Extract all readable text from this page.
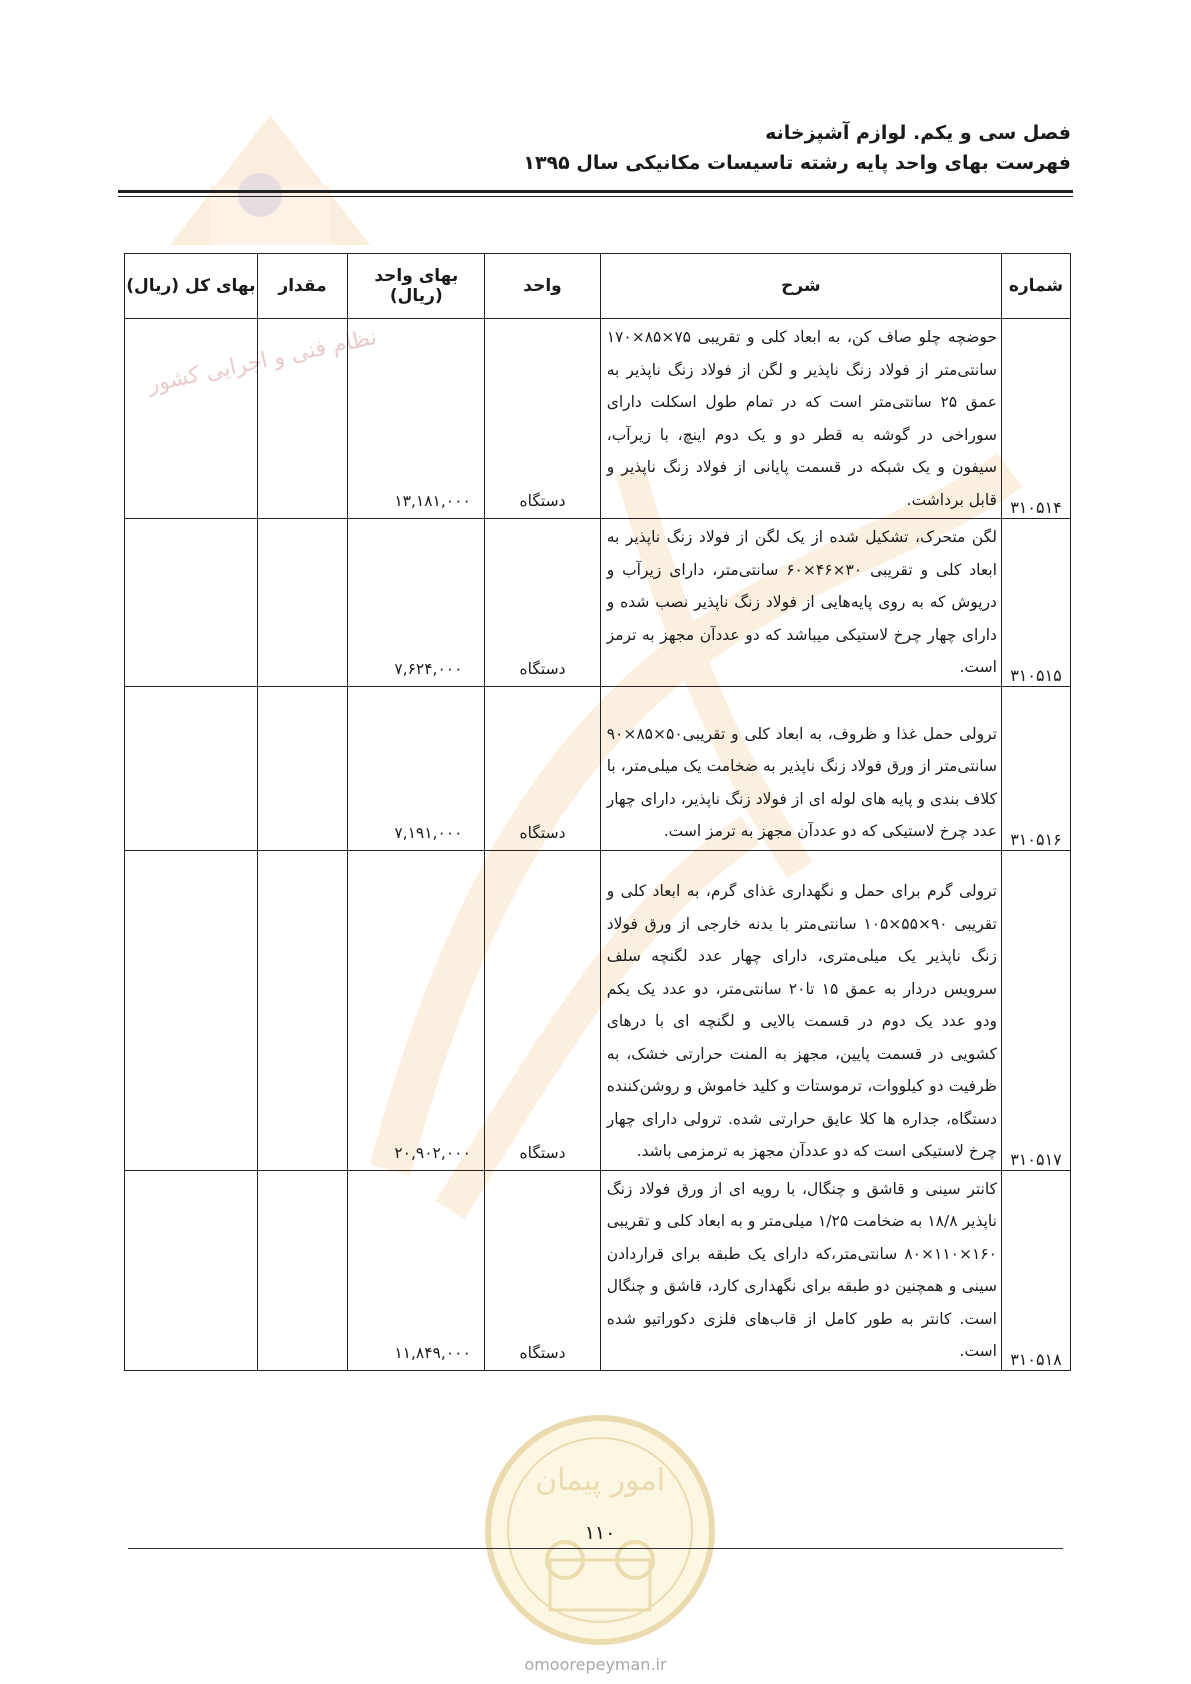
نظام فنی و اجرایی کشور
فصل سی و یکم. لوازم آشپزخانه
فهرست بهای واحد پایه رشته تاسیسات مکانیکی سال ۱۳۹۵
شماره	شرح	واحد	بهای واحد (ریال)	مقدار	بهای کل (ریال)
۳۱۰۵۱۴	حوضچه چلو صاف کن، به ابعاد کلی و تقریبی ۷۵×۸۵×۱۷۰ سانتی‌متر از فولاد زنگ ناپذیر و لگن از فولاد زنگ ناپذیر به عمق ۲۵ سانتی‌متر است که در تمام طول اسکلت دارای سوراخی در گوشه به قطر دو و یک دوم اینچ، با زیرآب، سیفون و یک شبکه در قسمت پایانی از فولاد زنگ ناپذیر و قابل برداشت.	دستگاه	۱۳,۱۸۱,۰۰۰		
۳۱۰۵۱۵	لگن متحرک، تشکیل شده از یک لگن از فولاد زنگ ناپذیر به ابعاد کلی و تقریبی ۳۰×۴۶×۶۰ سانتی‌متر، دارای زیرآب و درپوش که به روی پایه‌هایی از فولاد زنگ ناپذیر نصب شده و دارای چهار چرخ لاستیکی میباشد که دو عددآن مجهز به ترمز است.	دستگاه	۷,۶۲۴,۰۰۰		
۳۱۰۵۱۶	ترولی حمل غذا و ظروف، به ابعاد کلی و تقریبی۵۰×۸۵×۹۰ سانتی‌متر از ورق فولاد زنگ ناپذیر به ضخامت یک میلی‌متر، با کلاف بندی و پایه های لوله ای از فولاد زنگ ناپذیر، دارای چهار عدد چرخ لاستیکی که دو عددآن مجهز به ترمز است.	دستگاه	۷,۱۹۱,۰۰۰		
۳۱۰۵۱۷	ترولی گرم برای حمل و نگهداری غذای گرم، به ابعاد کلی و تقریبی ۹۰×۵۵×۱۰۵ سانتی‌متر با بدنه خارجی از ورق فولاد زنگ ناپذیر یک میلی‌متری، دارای چهار عدد لگنچه سلف سرویس دردار به عمق ۱۵ تا۲۰ سانتی‌متر، دو عدد یک یکم ودو عدد یک دوم در قسمت بالایی و لگنچه ای با درهای کشویی در قسمت پایین، مجهز به المنت حرارتی خشک، به ظرفیت دو کیلووات، ترموستات و کلید خاموش و روشن‌کننده دستگاه، جداره ها کلا عایق حرارتی شده. ترولی دارای چهار چرخ لاستیکی است که دو عددآن مجهز به ترمزمی باشد.	دستگاه	۲۰,۹۰۲,۰۰۰		
۳۱۰۵۱۸	کانتر سینی و قاشق و چنگال، با رویه ای از ورق فولاد زنگ ناپذیر ۱۸/۸ به ضخامت ۱/۲۵ میلی‌متر و به ابعاد کلی و تقریبی ۱۶۰×۱۱۰×۸۰ سانتی‌متر،که دارای یک طبقه برای قراردادن سینی و همچنین دو طبقه برای نگهداری کارد، قاشق و چنگال است. کانتر به طور کامل از قاب‌های فلزی دکوراتیو شده است.	دستگاه	۱۱,۸۴۹,۰۰۰		
امور پیمان
۱۱۰
omoorepeyman.ir
